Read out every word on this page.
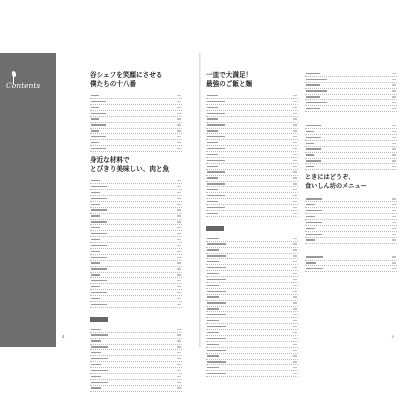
Contents
谷シェフを笑顔にさせる
僕たちの十八番
身近な材料で
とびきり美味しい、肉と魚
一皿で大満足！
最強のご飯と麺
ときにはどうぞ、
食いしん坊のメニュー
4	5
